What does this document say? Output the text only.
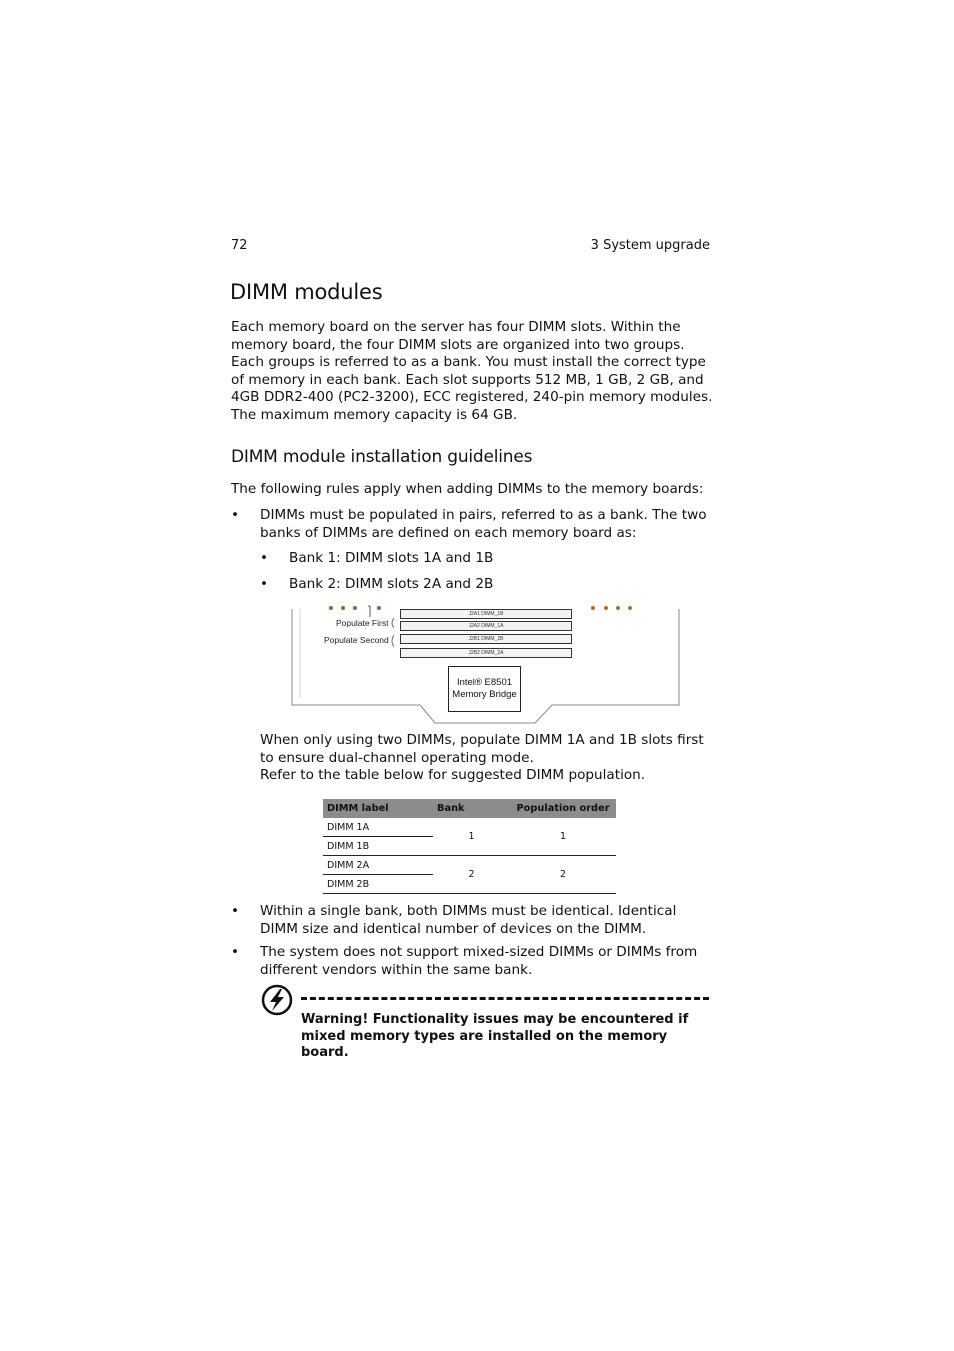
72	3 System upgrade
DIMM modules

Each memory board on the server has four DIMM slots. Within the memory board, the four DIMM slots are organized into two groups. Each groups is referred to as a bank. You must install the correct type of memory in each bank. Each slot supports 512 MB, 1 GB, 2 GB, and 4GB DDR2-400 (PC2-3200), ECC registered, 240-pin memory modules. The maximum memory capacity is 64 GB.

DIMM module installation guidelines

The following rules apply when adding DIMMs to the memory boards:

• DIMMs must be populated in pairs, referred to as a bank. The two banks of DIMMs are defined on each memory board as:
• Bank 1: DIMM slots 1A and 1B
• Bank 2: DIMM slots 2A and 2B
J2A1 DIMM_1B
J2A2 DIMM_1A
J2B1 DIMM_2B
J2B2 DIMM_2A
Populate First
Populate Second
Intel® E8501
Memory Bridge

When only using two DIMMs, populate DIMM 1A and 1B slots first to ensure dual-channel operating mode.
Refer to the table below for suggested DIMM population.

DIMM label	Bank	Population order
DIMM 1A	1	1
DIMM 1B		
DIMM 2A	2	2
DIMM 2B		
• Within a single bank, both DIMMs must be identical. Identical DIMM size and identical number of devices on the DIMM.
• The system does not support mixed-sized DIMMs or DIMMs from different vendors within the same bank.
Warning! Functionality issues may be encountered if mixed memory types are installed on the memory board.
